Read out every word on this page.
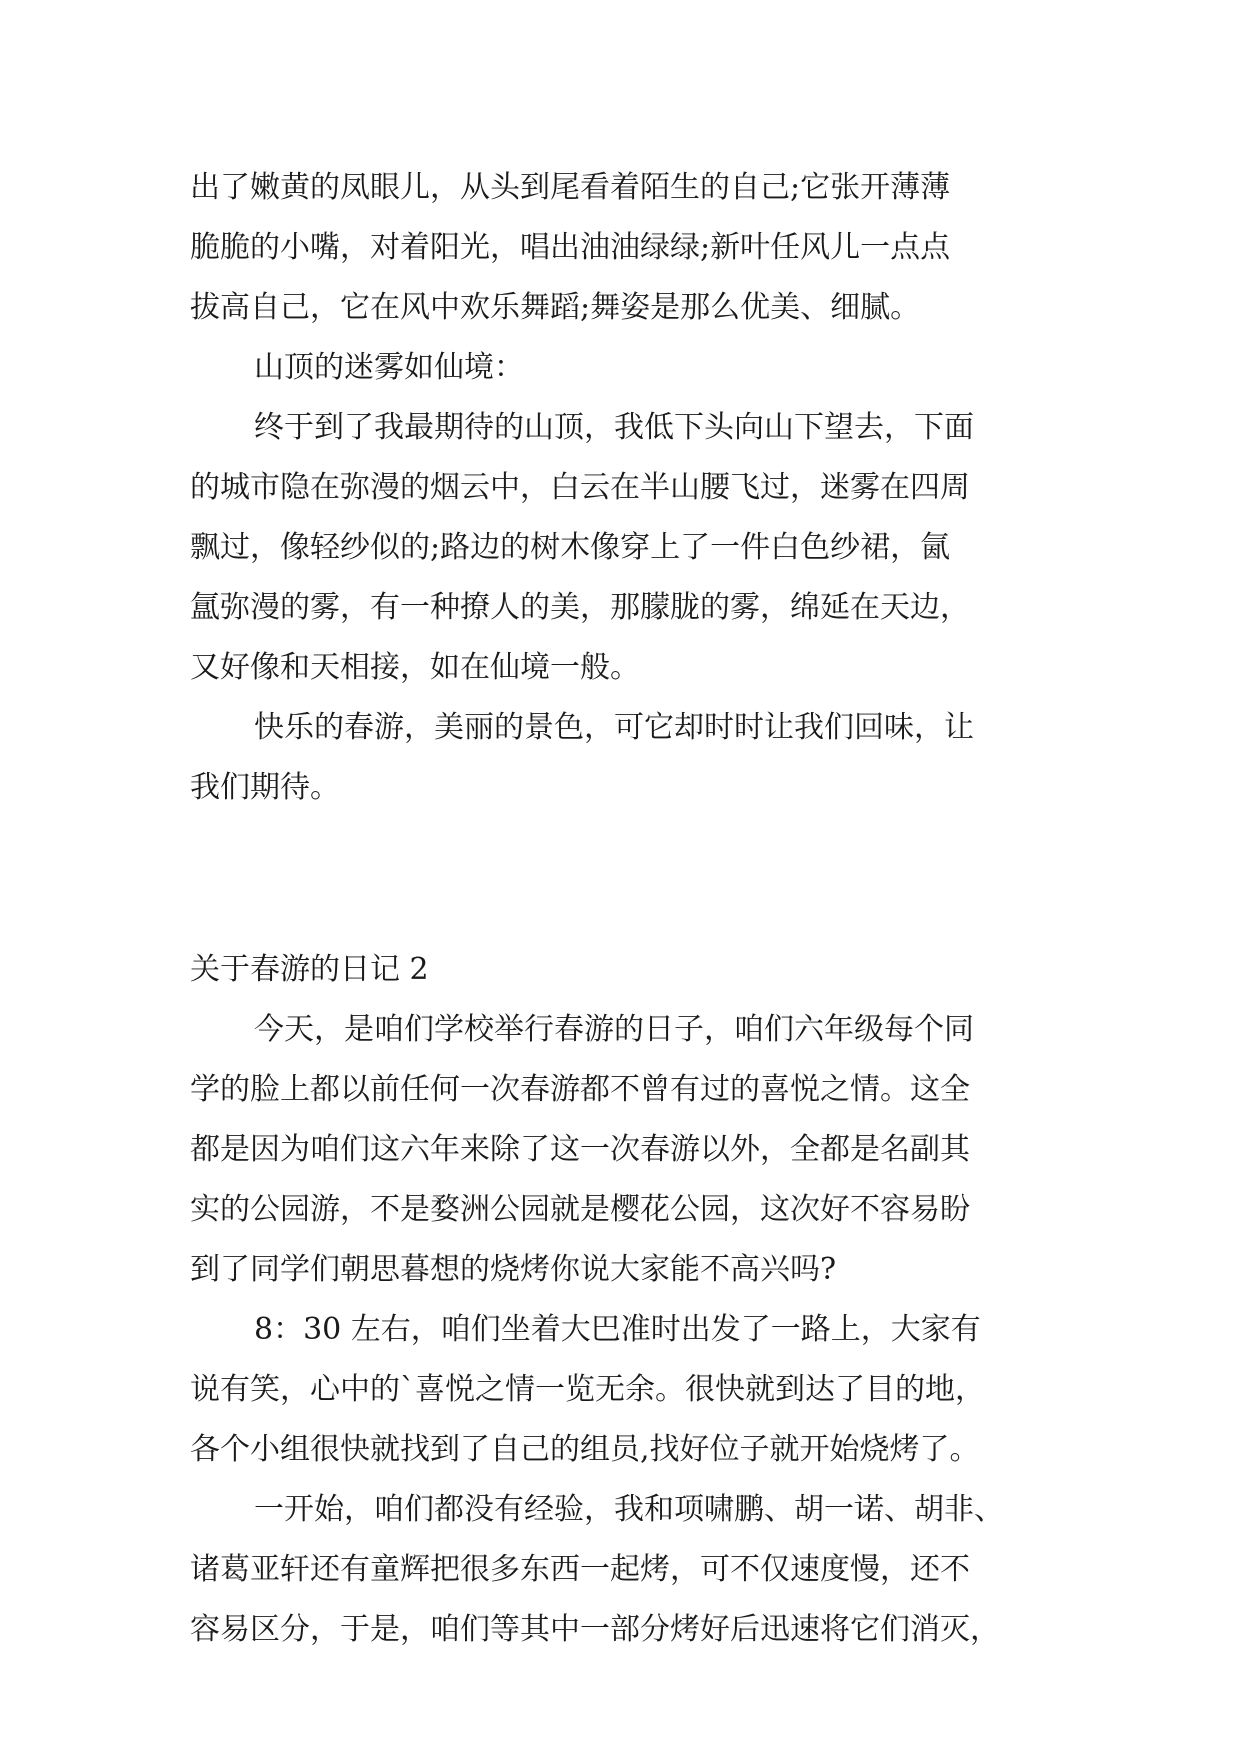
出了嫩黄的凤眼儿，从头到尾看着陌生的自己;它张开薄薄
脆脆的小嘴，对着阳光，唱出油油绿绿;新叶任风儿一点点
拔高自己，它在风中欢乐舞蹈;舞姿是那么优美、细腻。
山顶的迷雾如仙境：
终于到了我最期待的山顶，我低下头向山下望去，下面
的城市隐在弥漫的烟云中，白云在半山腰飞过，迷雾在四周
飘过，像轻纱似的;路边的树木像穿上了一件白色纱裙，氤
氲弥漫的雾，有一种撩人的美，那朦胧的雾，绵延在天边，
又好像和天相接，如在仙境一般。
快乐的春游，美丽的景色，可它却时时让我们回味，让
我们期待。
关于春游的日记 2
今天，是咱们学校举行春游的日子，咱们六年级每个同
学的脸上都以前任何一次春游都不曾有过的喜悦之情。这全
都是因为咱们这六年来除了这一次春游以外，全都是名副其
实的公园游，不是婺洲公园就是樱花公园，这次好不容易盼
到了同学们朝思暮想的烧烤你说大家能不高兴吗?
8：30 左右，咱们坐着大巴准时出发了一路上，大家有
说有笑，心中的`喜悦之情一览无余。很快就到达了目的地，
各个小组很快就找到了自己的组员,找好位子就开始烧烤了。
一开始，咱们都没有经验，我和项啸鹏、胡一诺、胡非、
诸葛亚轩还有童辉把很多东西一起烤，可不仅速度慢，还不
容易区分，于是，咱们等其中一部分烤好后迅速将它们消灭，
